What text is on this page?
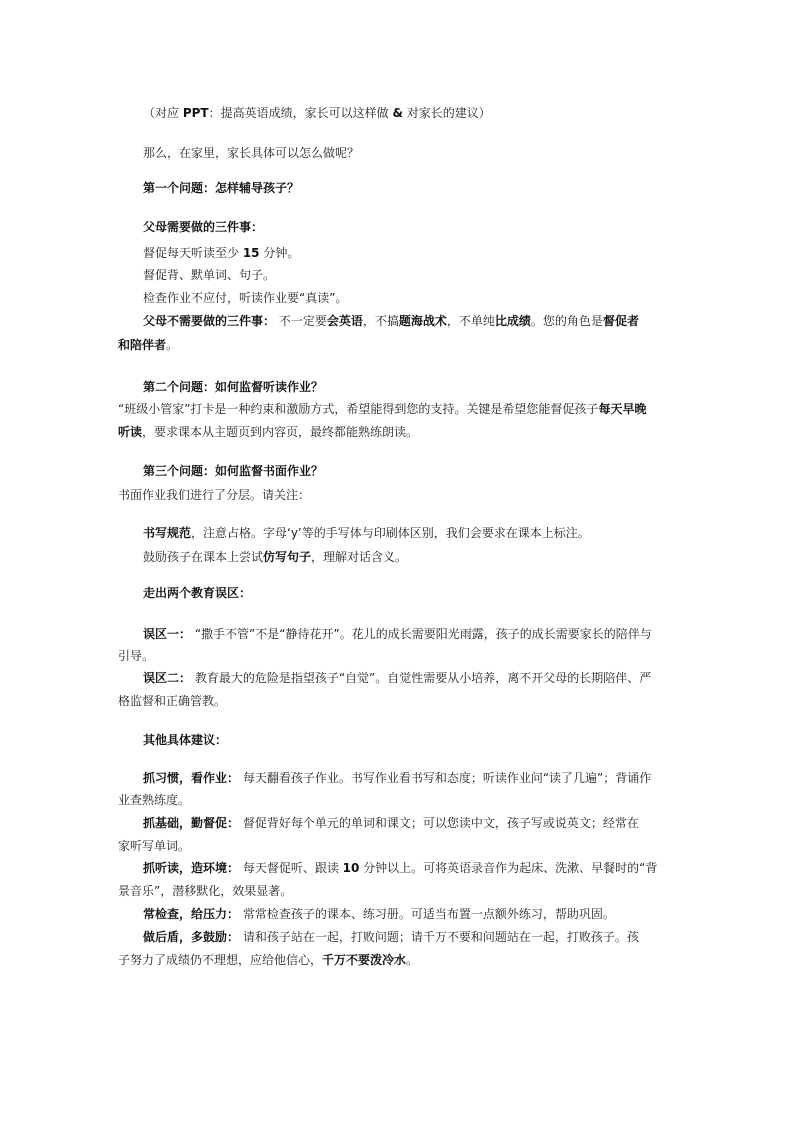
（对应 PPT：提高英语成绩，家长可以这样做 & 对家长的建议）
那么，在家里，家长具体可以怎么做呢？
第一个问题：怎样辅导孩子？
父母需要做的三件事：
督促每天听读至少 15 分钟。
督促背、默单词、句子。
检查作业不应付，听读作业要“真读”。
父母不需要做的三件事： 不一定要会英语，不搞题海战术，不单纯比成绩。您的角色是督促者
和陪伴者。
第二个问题：如何监督听读作业？
“班级小管家”打卡是一种约束和激励方式，希望能得到您的支持。关键是希望您能督促孩子每天早晚
听读，要求课本从主题页到内容页，最终都能熟练朗读。
第三个问题：如何监督书面作业？
书面作业我们进行了分层。请关注：
书写规范，注意占格。字母‘y’等的手写体与印刷体区别，我们会要求在课本上标注。
鼓励孩子在课本上尝试仿写句子，理解对话含义。
走出两个教育误区：
误区一： “撒手不管”不是“静待花开”。花儿的成长需要阳光雨露，孩子的成长需要家长的陪伴与
引导。
误区二： 教育最大的危险是指望孩子“自觉”。自觉性需要从小培养，离不开父母的长期陪伴、严
格监督和正确管教。
其他具体建议：
抓习惯，看作业： 每天翻看孩子作业。书写作业看书写和态度；听读作业问“读了几遍”；背诵作
业查熟练度。
抓基础，勤督促： 督促背好每个单元的单词和课文；可以您读中文，孩子写或说英文；经常在
家听写单词。
抓听读，造环境： 每天督促听、跟读 10 分钟以上。可将英语录音作为起床、洗漱、早餐时的“背
景音乐”，潜移默化，效果显著。
常检查，给压力： 常常检查孩子的课本、练习册。可适当布置一点额外练习，帮助巩固。
做后盾，多鼓励： 请和孩子站在一起，打败问题；请千万不要和问题站在一起，打败孩子。孩
子努力了成绩仍不理想，应给他信心，千万不要泼冷水。
